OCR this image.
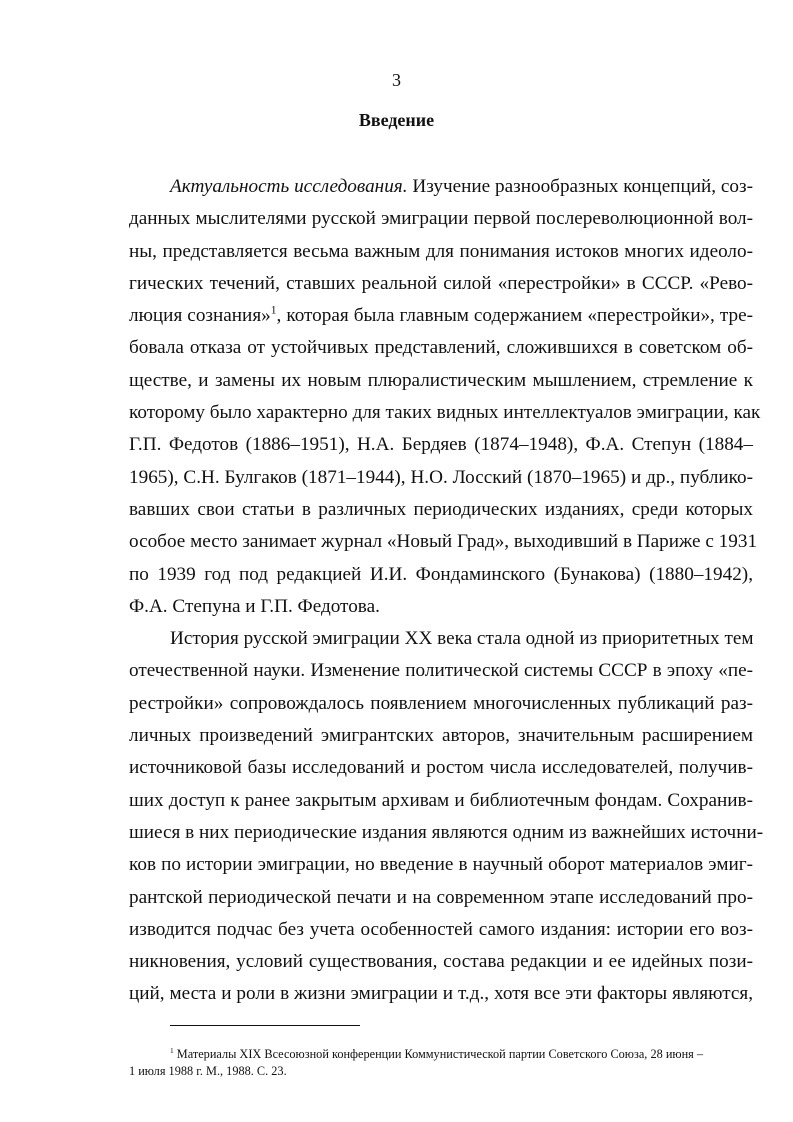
3
Введение
Актуальность исследования. Изучение разнообразных концепций, соз-
данных мыслителями русской эмиграции первой послереволюционной вол-
ны, представляется весьма важным для понимания истоков многих идеоло-
гических течений, ставших реальной силой «перестройки» в СССР. «Рево-
люция сознания»$^1$, которая была главным содержанием «перестройки», тре-
бовала отказа от устойчивых представлений, сложившихся в советском об-
ществе, и замены их новым плюралистическим мышлением, стремление к
которому было характерно для таких видных интеллектуалов эмиграции, как
Г.П. Федотов (1886–1951), Н.А. Бердяев (1874–1948), Ф.А. Степун (1884–
1965), С.Н. Булгаков (1871–1944), Н.О. Лосский (1870–1965) и др., публико-
вавших свои статьи в различных периодических изданиях, среди которых
особое место занимает журнал «Новый Град», выходивший в Париже с 1931
по 1939 год под редакцией И.И. Фондаминского (Бунакова) (1880–1942),
Ф.А. Степуна и Г.П. Федотова.
История русской эмиграции XX века стала одной из приоритетных тем
отечественной науки. Изменение политической системы СССР в эпоху «пе-
рестройки» сопровождалось появлением многочисленных публикаций раз-
личных произведений эмигрантских авторов, значительным расширением
источниковой базы исследований и ростом числа исследователей, получив-
ших доступ к ранее закрытым архивам и библиотечным фондам. Сохранив-
шиеся в них периодические издания являются одним из важнейших источни-
ков по истории эмиграции, но введение в научный оборот материалов эмиг-
рантской периодической печати и на современном этапе исследований про-
изводится подчас без учета особенностей самого издания: истории его воз-
никновения, условий существования, состава редакции и ее идейных пози-
ций, места и роли в жизни эмиграции и т.д., хотя все эти факторы являются,
$^1$ Материалы XIX Всесоюзной конференции Коммунистической партии Советского Союза, 28 июня –
1 июля 1988 г. М., 1988. С. 23.
